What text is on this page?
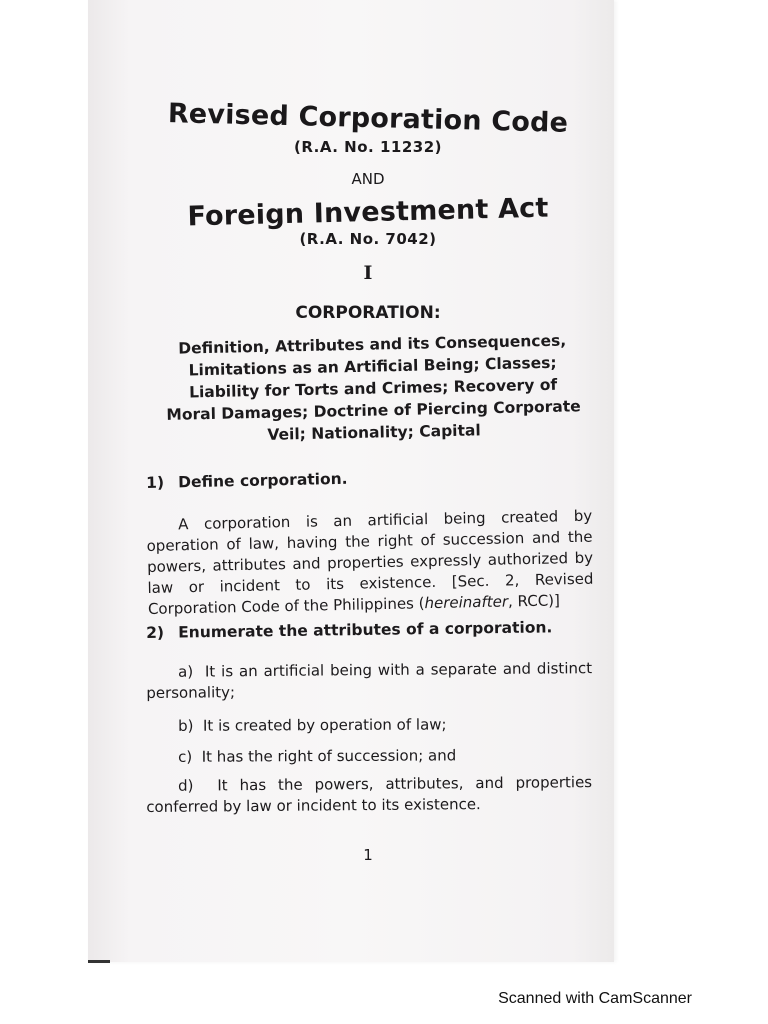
Revised Corporation Code
(R.A. No. 11232)
AND
Foreign Investment Act
(R.A. No. 7042)
I
CORPORATION:
Definition, Attributes and its Consequences, Limitations as an Artificial Being; Classes; Liability for Torts and Crimes; Recovery of Moral Damages; Doctrine of Piercing Corporate Veil; Nationality; Capital
1) Define corporation.
A corporation is an artificial being created by operation of law, having the right of succession and the powers, attributes and properties expressly authorized by law or incident to its existence. [Sec. 2, Revised Corporation Code of the Philippines (hereinafter, RCC)]
2) Enumerate the attributes of a corporation.
a) It is an artificial being with a separate and distinct personality;
b) It is created by operation of law;
c) It has the right of succession; and
d) It has the powers, attributes, and properties conferred by law or incident to its existence.
1
Scanned with CamScanner
